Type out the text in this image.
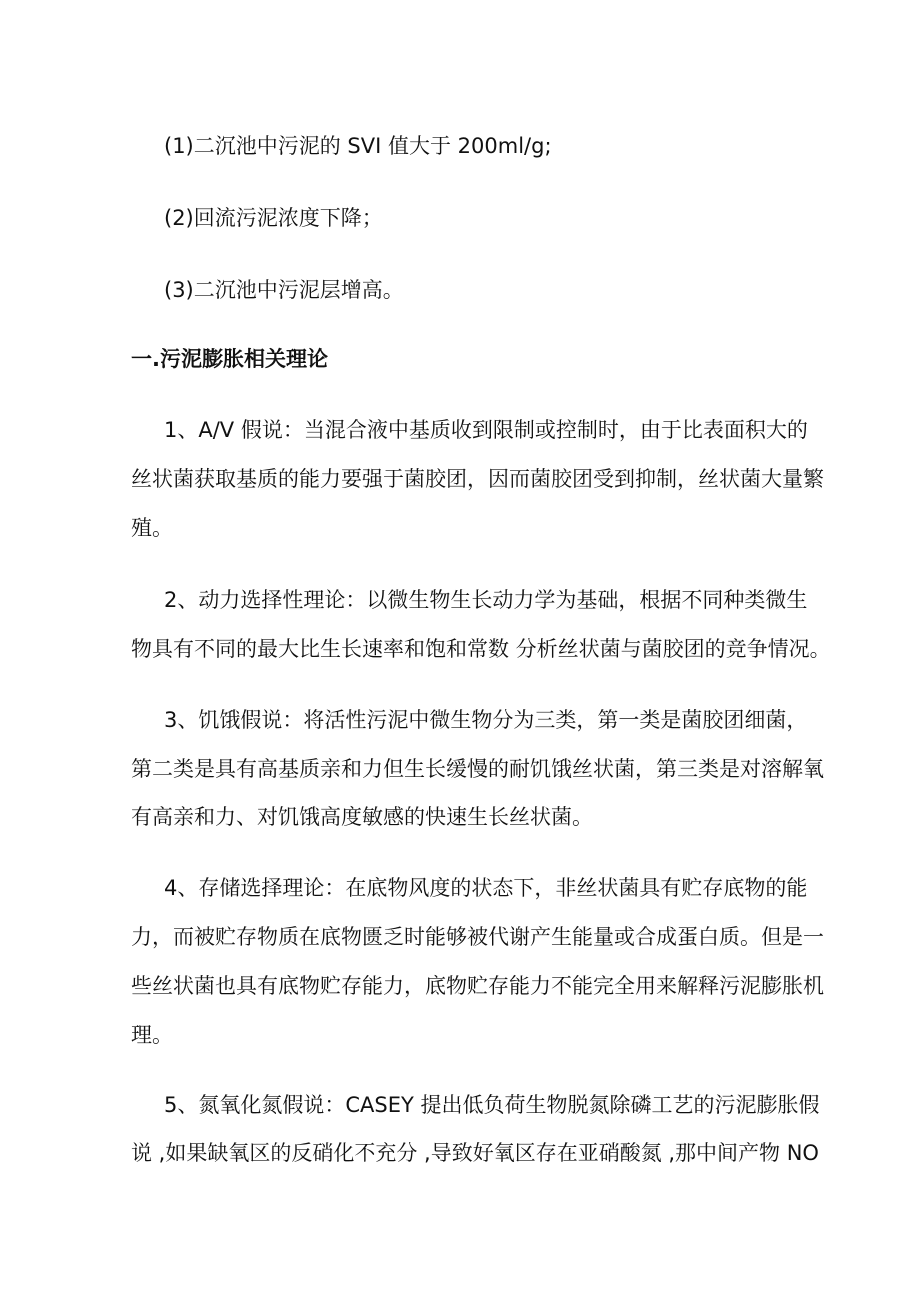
(1)二沉池中污泥的 SVI 值大于 200ml/g;
(2)回流污泥浓度下降；
(3)二沉池中污泥层增高。
一.污泥膨胀相关理论
1、A/V 假说：当混合液中基质收到限制或控制时，由于比表面积大的
丝状菌获取基质的能力要强于菌胶团，因而菌胶团受到抑制，丝状菌大量繁
殖。
2、动力选择性理论：以微生物生长动力学为基础，根据不同种类微生
物具有不同的最大比生长速率和饱和常数 分析丝状菌与菌胶团的竞争情况。
3、饥饿假说：将活性污泥中微生物分为三类，第一类是菌胶团细菌，
第二类是具有高基质亲和力但生长缓慢的耐饥饿丝状菌，第三类是对溶解氧
有高亲和力、对饥饿高度敏感的快速生长丝状菌。
4、存储选择理论：在底物风度的状态下，非丝状菌具有贮存底物的能
力，而被贮存物质在底物匮乏时能够被代谢产生能量或合成蛋白质。但是一
些丝状菌也具有底物贮存能力，底物贮存能力不能完全用来解释污泥膨胀机
理。
5、氮氧化氮假说：CASEY 提出低负荷生物脱氮除磷工艺的污泥膨胀假
说 ,如果缺氧区的反硝化不充分 ,导致好氧区存在亚硝酸氮 ,那中间产物 NO
